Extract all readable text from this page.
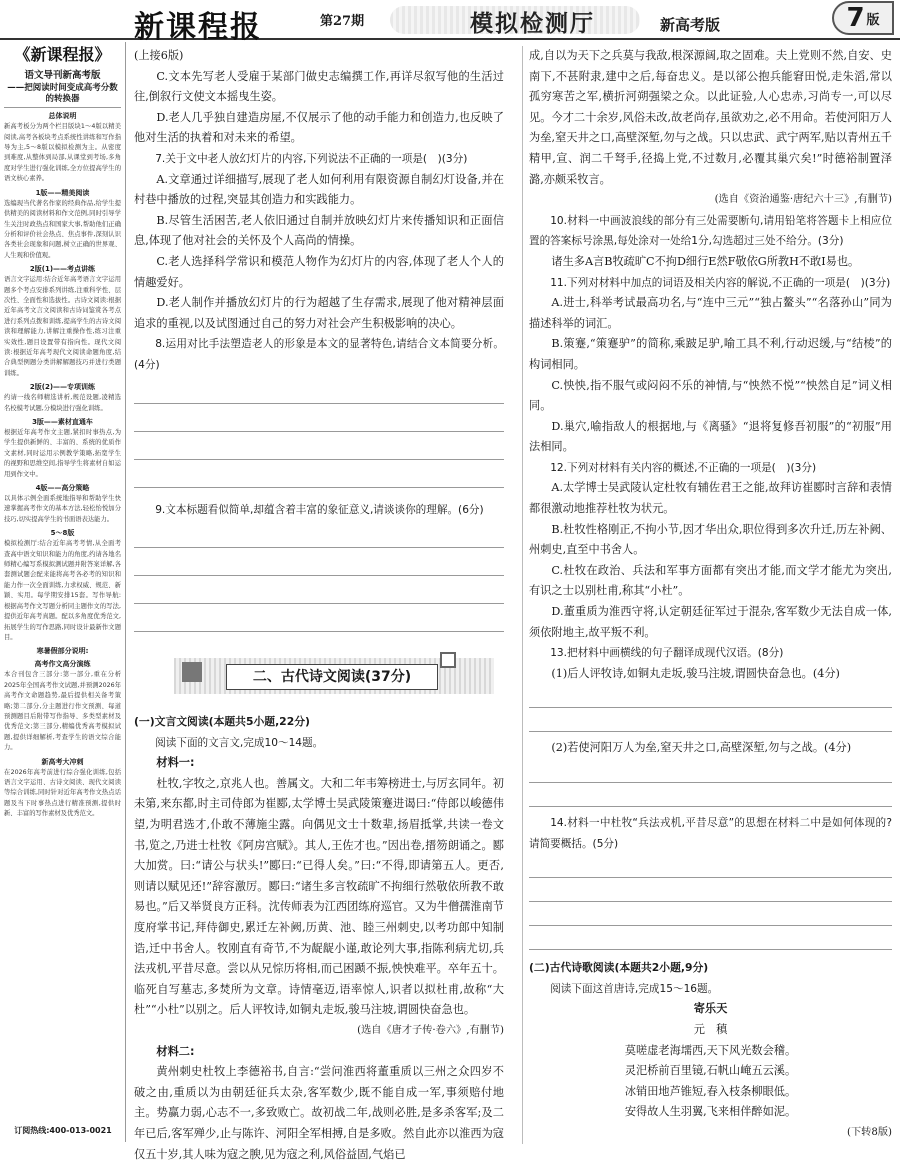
新课程报	第27期	模拟检测厅	新高考版	7 版
《新课程报》
语文导刊新高考版
——把阅读时间变成高考分数的转换器
总体说明
新高考板分为两个栏目版块1～4版以精美阅读,高考各板块考点系统性讲练和写作指导为主,5～8版以模拟检测为主。从密度到难度,从整体到局部,从课堂到考场,多角度对学生进行强化训练,全方位提高学生的语文核心素养。
1版——精美阅读
选编现当代著名作家的经典作品,给学生提供精美的阅读材料和作文范例,同时引导学生关注时政热点和国家大事,帮助他们正确分析和评价社会热点、焦点事件,深刻认识各类社会现象和问题,树立正确的世界观、人生观和价值观。
2版(1)——考点讲练
语言文字运用:结合近年高考语言文字运用题多个考点安排系列讲练,注重科学性、层次性、全面性和选拔性。古诗文阅读:根据近年高考文言文阅读和古诗词鉴赏各考点进行系列点拨和训练,提高学生的古诗文阅读和理解能力,讲解注重操作性,练习注重实效性,题目设置带有指向性。现代文阅读:根据近年高考现代文阅读命题角度,结合典型例题分类讲解解题技巧并进行类题训练。
2版(2)——专项训练
约请一线名师精选讲析,规范设题,凌精选名校模考试题,分模块进行强化训练。
3版——素材直通车
根据近年高考作文主题,紧扣时事热点,为学生提供新鲜的、丰富的、系统的优质作文素材,同时运用示例教学策略,拓宽学生的视野和思维空间,指导学生将素材自如运用到作文中。
4版——高分策略
以具体示例全面系统地指导和帮助学生快速掌握高考作文的基本方法,轻松怡悦加分技巧,切实提高学生的书面语表达能力。
5～8版
模拟检测厅:结合近年高考考情,从全面考查高中语文知识和能力的角度,约请各地名师精心编写系模拟测试题并附答案详解,各套测试题会配来能将高考各必考的知识和能力作一次全面训练,力求权威、规范、新颖、实用。每学期安排15套。写作导航:根据高考作文写题分析同主题作文的写法,提供近年高考真题。配以多角度优秀范文,拓展学生的写作思路,同时设计最新作文题目。
寒暑假部分说明:
高考作文高分演练
本合刊包含三部分:第一部分,重在分析2025年全国高考作文试题,并预测2026年高考作文命题趋势,最后提供相关备考策略;第二部分,分主题进行作文预测、每道预测题目后附带写作指导、多类型素材及优秀范文;第三部分,精编优秀高考模拟试题,提供详细解析,考查学生的语文综合能力。
新高考大冲刺
在2026年高考前进行综合强化训练,包括语言文字运用、古诗文阅读、现代文阅读等综合训练,同时针对近年高考作文热点话题及当下时事热点进行精准预测,提供时新、丰富的写作素材及优秀范文。
订阅热线:400-013-0021
(上接6版)
C.文本先写老人受雇于某部门做史志编撰工作,再详尽叙写他的生活过往,倒叙行文使文本摇曳生姿。
D.老人几乎独自建造房屋,不仅展示了他的动手能力和创造力,也反映了他对生活的执着和对未来的希望。
7.关于文中老人放幻灯片的内容,下列说法不正确的一项是(　)(3分)
A.文章通过详细描写,展现了老人如何利用有限资源自制幻灯设备,并在村巷中播放的过程,突显其创造力和实践能力。
B.尽管生活困苦,老人依旧通过自制并放映幻灯片来传播知识和正面信息,体现了他对社会的关怀及个人高尚的情操。
C.老人选择科学常识和模范人物作为幻灯片的内容,体现了老人个人的情趣爱好。
D.老人制作并播放幻灯片的行为超越了生存需求,展现了他对精神层面追求的重视,以及试图通过自己的努力对社会产生积极影响的决心。
8.运用对比手法塑造老人的形象是本文的显著特色,请结合文本简要分析。(4分)
9.文本标题看似简单,却蕴含着丰富的象征意义,请谈谈你的理解。(6分)
二、古代诗文阅读(37分)
(一)文言文阅读(本题共5小题,22分)
阅读下面的文言文,完成10～14题。
材料一:
杜牧,字牧之,京兆人也。善属文。大和二年韦筹榜进士,与厉玄同年。初未第,来东都,时主司侍郎为崔郾,太学博士吴武陵策蹇进谒曰:“侍郎以峻德伟望,为明君选才,仆敢不薄施尘露。向偶见文士十数辈,扬眉抵掌,共读一卷文书,览之,乃进士杜牧《阿房宫赋》。其人,王佐才也。”因出卷,搢笏朗诵之。郾大加赏。曰:“请公与状头!”郾曰:“已得人矣。”曰:“不得,即请第五人。更否,则请以赋见还!”辞容激厉。郾曰:“诸生多言牧疏旷不拘细行然敬依所教不敢易也。”后又举贤良方正科。沈传师表为江西团练府巡官。又为牛僧孺淮南节度府掌书记,拜侍御史,累迁左补阙,历黄、池、睦三州刺史,以考功郎中知制诰,迁中书舍人。牧刚直有奇节,不为龊龊小谨,敢论列大事,指陈利病尤切,兵法戎机,平昔尽意。尝以从兄悰历将相,而己困踬不振,怏怏难平。卒年五十。临死自写墓志,多焚所为文章。诗情毫迈,语率惊人,识者以拟杜甫,故称“大杜”“小杜”以别之。后人评牧诗,如铜丸走坂,骏马注坡,谓圆快奋急也。
(选自《唐才子传·卷六》,有删节)
材料二:
黄州刺史杜牧上李德裕书,自言:“尝问淮西将董重质以三州之众四岁不破之由,重质以为由朝廷征兵太杂,客军数少,既不能自成一军,事须赔付地主。势赢力弱,心志不一,多致败亡。故初战二年,战则必胜,是多杀客军;及二年已后,客军殚少,止与陈许、河阳全军相搏,自是多败。然自此亦以淮西为寇仅五十岁,其人味为寇之腴,见为寇之利,风俗益固,气焰已
成,自以为天下之兵莫与我敌,根深源阔,取之固难。夫上党则不然,自安、史南下,不甚附隶,建中之后,每奋忠义。是以郤公抱兵能窘田悦,走朱滔,常以孤穷寒苦之军,横折河朔强梁之众。以此证验,人心忠赤,习尚专一,可以尽见。今才二十余岁,风俗未改,故老尚存,虽欲劝之,必不用命。若使河阳万人为垒,窒天井之口,高壁深堑,勿与之战。只以忠武、武宁两军,贴以青州五千精甲,宣、润二千弩手,径捣上党,不过数月,必覆其巢穴矣!”时德裕制置泽潞,亦颇采牧言。
(选自《资治通鉴·唐纪六十三》,有删节)
10.材料一中画波浪线的部分有三处需要断句,请用铅笔将答题卡上相应位置的答案标号涂黑,每处涂对一处给1分,勾选超过三处不给分。(3分)
诸生多A言B牧疏旷C不拘D细行E然F敬依G所教H不敢I易也。
11.下列对材料中加点的词语及相关内容的解说,不正确的一项是(　)(3分)
A.进士,科举考试最高功名,与“连中三元”“独占鳌头”“名落孙山”同为描述科举的词汇。
B.策蹇,“策蹇驴”的简称,乘跛足驴,喻工具不利,行动迟缓,与“结棱”的构词相同。
C.怏怏,指不服气或闷闷不乐的神情,与“怏然不悦”“怏然自足”词义相同。
D.巢穴,喻指敌人的根据地,与《离骚》“退将复修吾初服”的“初服”用法相同。
12.下列对材料有关内容的概述,不正确的一项是(　)(3分)
A.太学博士吴武陵认定杜牧有辅佐君王之能,故拜访崔郾时言辞和表情都很激动地推荐杜牧为状元。
B.杜牧性格刚正,不拘小节,因才华出众,职位得到多次升迁,历左补阙、州刺史,直至中书舍人。
C.杜牧在政治、兵法和军事方面都有突出才能,而文学才能尤为突出,有识之士以别杜甫,称其“小杜”。
D.董重质为淮西守将,认定朝廷征军过于混杂,客军数少无法自成一体,须依附地主,故平叛不利。
13.把材料中画横线的句子翻译成现代汉语。(8分)
(1)后人评牧诗,如铜丸走坂,骏马注坡,谓圆快奋急也。(4分)
(2)若使河阳万人为垒,窒天井之口,高壁深堑,勿与之战。(4分)
14.材料一中杜牧“兵法戎机,平昔尽意”的思想在材料二中是如何体现的?请简要概括。(5分)
(二)古代诗歌阅读(本题共2小题,9分)
阅读下面这首唐诗,完成15～16题。
寄乐天
元　稹
莫嗟虚老海壖西,天下风光数会稽。
灵汜桥前百里镜,石帆山崦五云溪。
冰销田地芦锥短,春入枝条柳眼低。
安得故人生羽翼,飞来相伴醉如泥。
(下转8版)
